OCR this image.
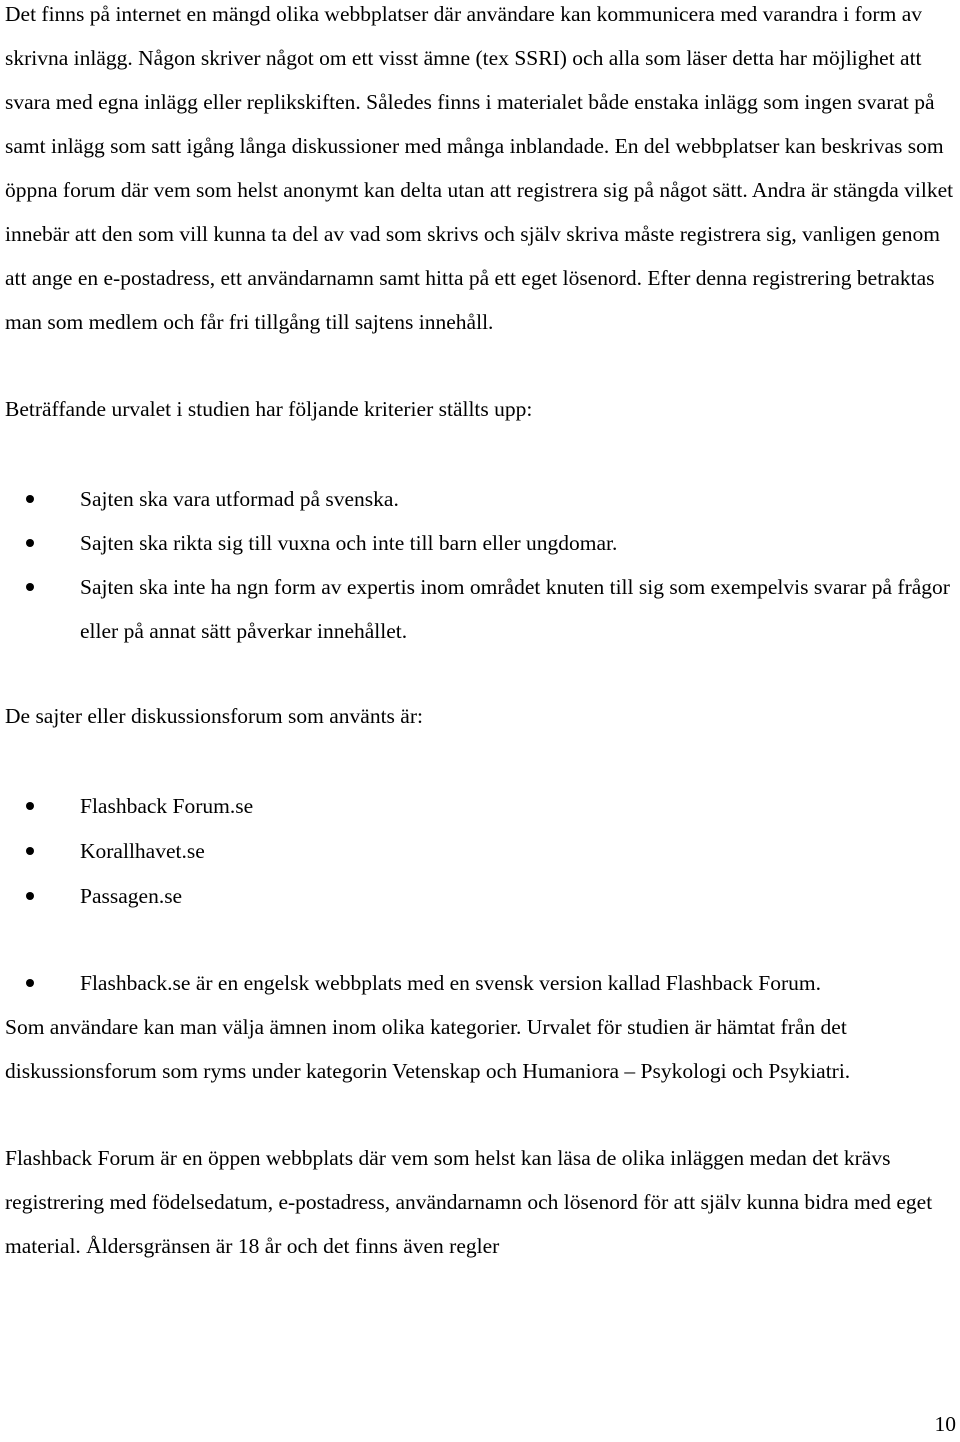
Det finns på internet en mängd olika webbplatser där användare kan kommunicera med varandra i form av skrivna inlägg. Någon skriver något om ett visst ämne (tex SSRI) och alla som läser detta har möjlighet att svara med egna inlägg eller replikskiften. Således finns i materialet både enstaka inlägg som ingen svarat på samt inlägg som satt igång långa diskussioner med många inblandade. En del webbplatser kan beskrivas som öppna forum där vem som helst anonymt kan delta utan att registrera sig på något sätt. Andra är stängda vilket innebär att den som vill kunna ta del av vad som skrivs och själv skriva måste registrera sig, vanligen genom att ange en e-postadress, ett användarnamn samt hitta på ett eget lösenord. Efter denna registrering betraktas man som medlem och får fri tillgång till sajtens innehåll.

Beträffande urvalet i studien har följande kriterier ställts upp:

Sajten ska vara utformad på svenska.
Sajten ska rikta sig till vuxna och inte till barn eller ungdomar.
Sajten ska inte ha ngn form av expertis inom området knuten till sig som exempelvis svarar på frågor eller på annat sätt påverkar innehållet.

De sajter eller diskussionsforum som använts är:

Flashback Forum.se
Korallhavet.se
Passagen.se
Flashback.se är en engelsk webbplats med en svensk version kallad Flashback Forum.

Som användare kan man välja ämnen inom olika kategorier. Urvalet för studien är hämtat från det diskussionsforum som ryms under kategorin Vetenskap och Humaniora – Psykologi och Psykiatri.

Flashback Forum är en öppen webbplats där vem som helst kan läsa de olika inläggen medan det krävs registrering med födelsedatum, e-postadress, användarnamn och lösenord för att själv kunna bidra med eget material. Åldersgränsen är 18 år och det finns även regler

10
